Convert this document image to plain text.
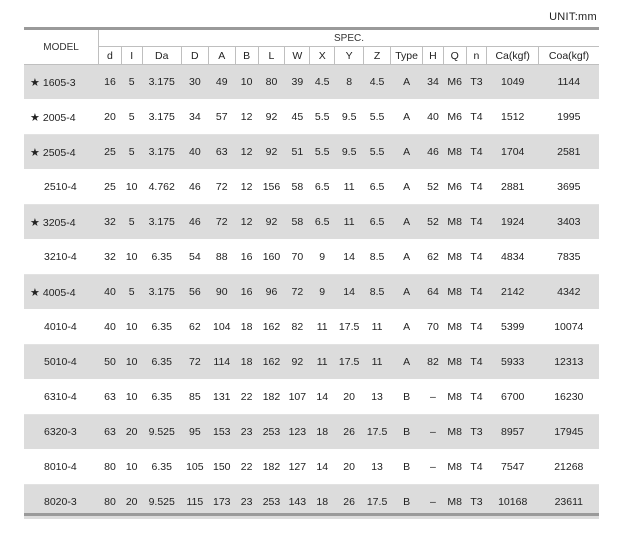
UNIT:mm
MODEL	SPEC.																
	d	I	Da	D	A	B	L	W	X	Y	Z	Type	H	Q	n	Ca(kgf)	Coa(kgf)
★ 1605-3	16	5	3.175	30	49	10	80	39	4.5	8	4.5	A	34	M6	T3	1049	1144
★ 2005-4	20	5	3.175	34	57	12	92	45	5.5	9.5	5.5	A	40	M6	T4	1512	1995
★ 2505-4	25	5	3.175	40	63	12	92	51	5.5	9.5	5.5	A	46	M8	T4	1704	2581
2510-4	25	10	4.762	46	72	12	156	58	6.5	11	6.5	A	52	M6	T4	2881	3695
★ 3205-4	32	5	3.175	46	72	12	92	58	6.5	11	6.5	A	52	M8	T4	1924	3403
3210-4	32	10	6.35	54	88	16	160	70	9	14	8.5	A	62	M8	T4	4834	7835
★ 4005-4	40	5	3.175	56	90	16	96	72	9	14	8.5	A	64	M8	T4	2142	4342
4010-4	40	10	6.35	62	104	18	162	82	11	17.5	11	A	70	M8	T4	5399	10074
5010-4	50	10	6.35	72	114	18	162	92	11	17.5	11	A	82	M8	T4	5933	12313
6310-4	63	10	6.35	85	131	22	182	107	14	20	13	B	–	M8	T4	6700	16230
6320-3	63	20	9.525	95	153	23	253	123	18	26	17.5	B	–	M8	T3	8957	17945
8010-4	80	10	6.35	105	150	22	182	127	14	20	13	B	–	M8	T4	7547	21268
8020-3	80	20	9.525	115	173	23	253	143	18	26	17.5	B	–	M8	T3	10168	23611
